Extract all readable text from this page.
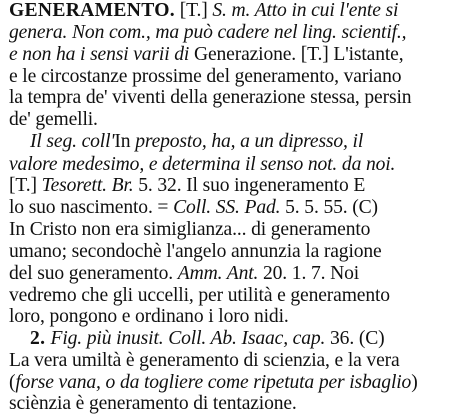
GENERAMENTO. [T.] S. m. Atto in cui l'ente si
genera. Non com., ma può cadere nel ling. scientif.,
e non ha i sensi varii di Generazione. [T.] L'istante,
e le circostanze prossime del generamento, variano
la tempra de' viventi della generazione stessa, persin
de' gemelli.
Il seg. coll'In preposto, ha, a un dipresso, il
valore medesimo, e determina il senso not. da noi.
[T.] Tesorett. Br. 5. 32. Il suo ingeneramento E
lo suo nascimento. = Coll. SS. Pad. 5. 5. 55. (C)
In Cristo non era simiglianza... di generamento
umano; secondochè l'angelo annunzia la ragione
del suo generamento. Amm. Ant. 20. 1. 7. Noi
vedremo che gli uccelli, per utilità e generamento
loro, pongono e ordinano i loro nidi.
2. Fig. più inusit. Coll. Ab. Isaac, cap. 36. (C)
La vera umiltà è generamento di scienzia, e la vera
(forse vana, o da togliere come ripetuta per isbaglio)
sciènzia è generamento di tentazione.
